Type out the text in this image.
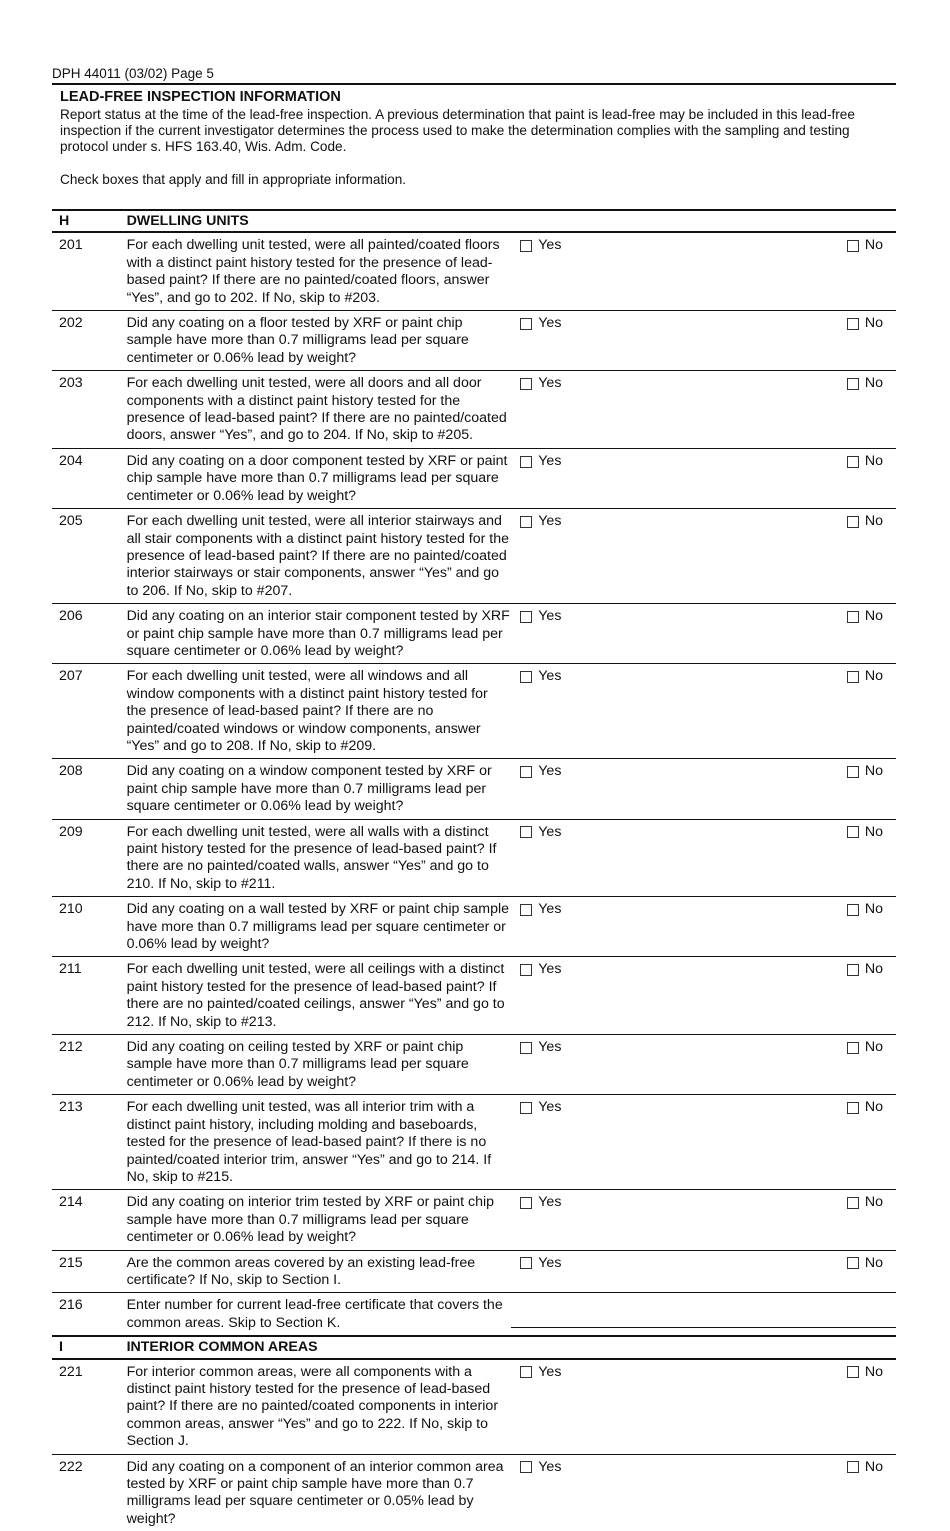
DPH 44011 (03/02) Page 5
LEAD-FREE INSPECTION INFORMATION

Report status at the time of the lead-free inspection. A previous determination that paint is lead-free may be included in this lead-free inspection if the current investigator determines the process used to make the determination complies with the sampling and testing protocol under s. HFS 163.40, Wis. Adm. Code.

Check boxes that apply and fill in appropriate information.

H	DWELLING UNITS	
201	For each dwelling unit tested, were all painted/coated floors with a distinct paint history tested for the presence of lead-based paint? If there are no painted/coated floors, answer “Yes”, and go to 202. If No, skip to #203.	Yes No

202	Did any coating on a floor tested by XRF or paint chip sample have more than 0.7 milligrams lead per square centimeter or 0.06% lead by weight?	Yes No

203	For each dwelling unit tested, were all doors and all door components with a distinct paint history tested for the presence of lead-based paint? If there are no painted/coated doors, answer “Yes”, and go to 204. If No, skip to #205.	Yes No

204	Did any coating on a door component tested by XRF or paint chip sample have more than 0.7 milligrams lead per square centimeter or 0.06% lead by weight?	Yes No

205	For each dwelling unit tested, were all interior stairways and all stair components with a distinct paint history tested for the presence of lead-based paint? If there are no painted/coated interior stairways or stair components, answer “Yes” and go to 206. If No, skip to #207.	Yes No

206	Did any coating on an interior stair component tested by XRF or paint chip sample have more than 0.7 milligrams lead per square centimeter or 0.06% lead by weight?	Yes No

207	For each dwelling unit tested, were all windows and all window components with a distinct paint history tested for the presence of lead-based paint? If there are no painted/coated windows or window components, answer “Yes” and go to 208. If No, skip to #209.	Yes No

208	Did any coating on a window component tested by XRF or paint chip sample have more than 0.7 milligrams lead per square centimeter or 0.06% lead by weight?	Yes No

209	For each dwelling unit tested, were all walls with a distinct paint history tested for the presence of lead-based paint? If there are no painted/coated walls, answer “Yes” and go to 210. If No, skip to #211.	Yes No

210	Did any coating on a wall tested by XRF or paint chip sample have more than 0.7 milligrams lead per square centimeter or 0.06% lead by weight?	Yes No

211	For each dwelling unit tested, were all ceilings with a distinct paint history tested for the presence of lead-based paint? If there are no painted/coated ceilings, answer “Yes” and go to 212. If No, skip to #213.	Yes No

212	Did any coating on ceiling tested by XRF or paint chip sample have more than 0.7 milligrams lead per square centimeter or 0.06% lead by weight?	Yes No

213	For each dwelling unit tested, was all interior trim with a distinct paint history, including molding and baseboards, tested for the presence of lead-based paint? If there is no painted/coated interior trim, answer “Yes” and go to 214. If No, skip to #215.	Yes No

214	Did any coating on interior trim tested by XRF or paint chip sample have more than 0.7 milligrams lead per square centimeter or 0.06% lead by weight?	Yes No

215	Are the common areas covered by an existing lead-free certificate? If No, skip to Section I.	Yes No

216	Enter number for current lead-free certificate that covers the common areas. Skip to Section K.	

I	INTERIOR COMMON AREAS	
221	For interior common areas, were all components with a distinct paint history tested for the presence of lead-based paint? If there are no painted/coated components in interior common areas, answer “Yes” and go to 222. If No, skip to Section J.	Yes No

222	Did any coating on a component of an interior common area tested by XRF or paint chip sample have more than 0.7 milligrams lead per square centimeter or 0.05% lead by weight?	Yes No
